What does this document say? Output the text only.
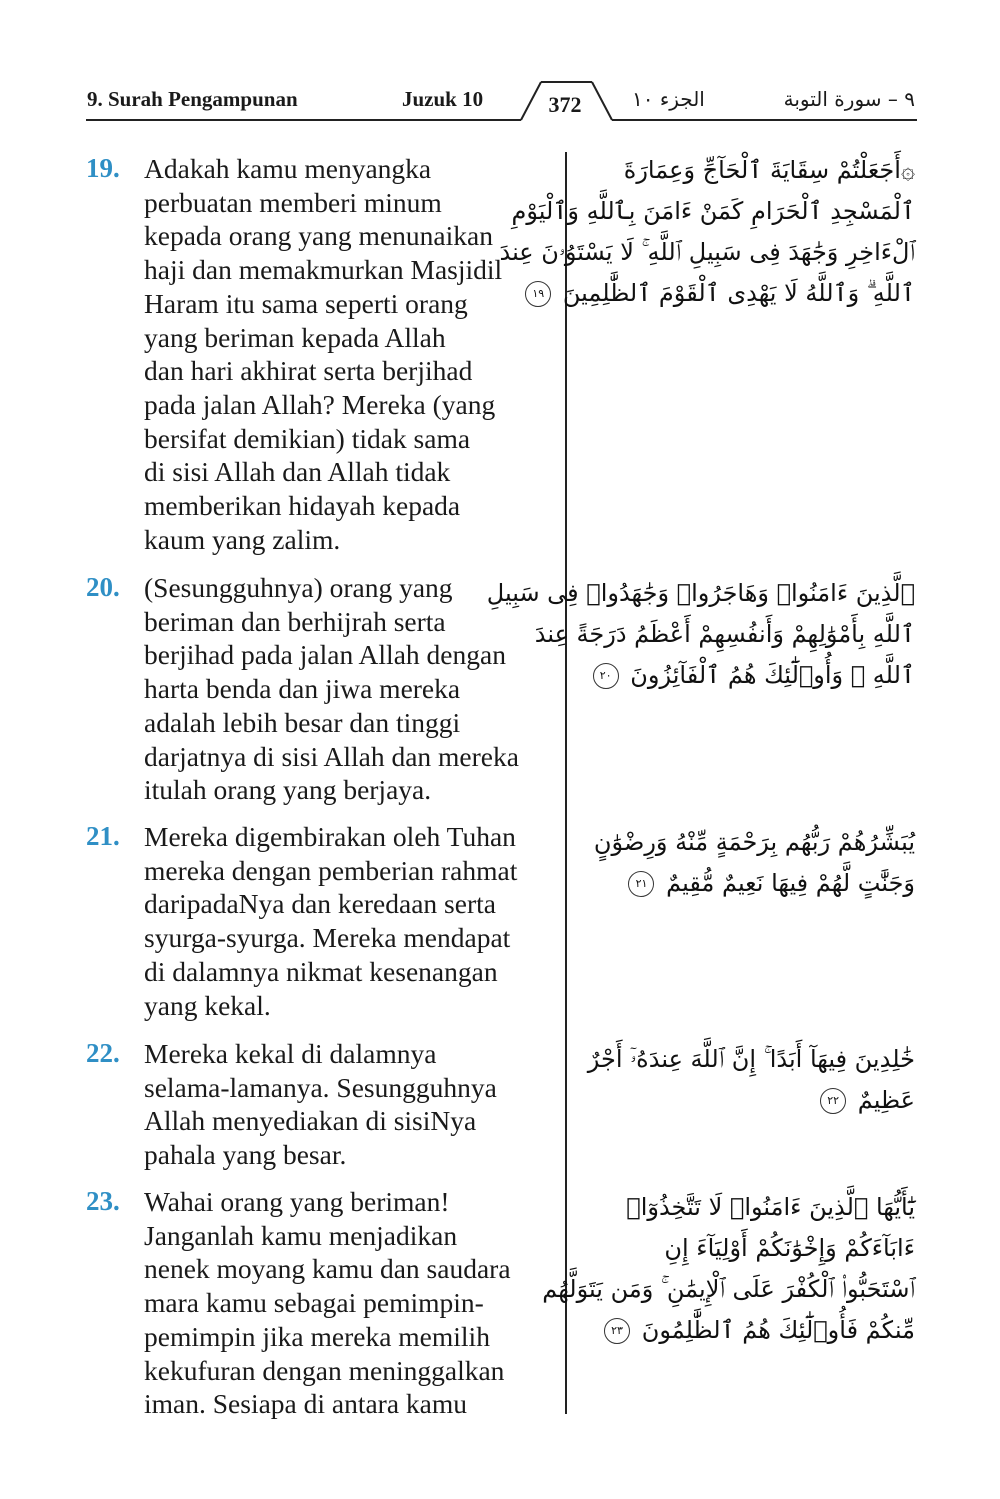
9. Surah Pengampunan	Juzuk 10	الجزء ١٠	٩ – سورة التوبة
372
19. Adakah kamu menyangka
perbuatan memberi minum
kepada orang yang menunaikan
haji dan memakmurkan Masjidil
Haram itu sama seperti orang
yang beriman kepada Allah
dan hari akhirat serta berjihad
pada jalan Allah? Mereka (yang
bersifat demikian) tidak sama
di sisi Allah dan Allah tidak
memberikan hidayah kepada
kaum yang zalim.
۞أَجَعَلْتُمْ سِقَايَةَ ٱلْحَآجِّ وَعِمَارَةَ
ٱلْمَسْجِدِ ٱلْحَرَامِ كَمَنْ ءَامَنَ بِٱللَّهِ وَٱلْيَوْمِ
ٱلْءَاخِرِ وَجَٰهَدَ فِى سَبِيلِ ٱللَّهِ ۚ لَا يَسْتَوُۥنَ عِندَ
ٱللَّهِ ۗ وَٱللَّهُ لَا يَهْدِى ٱلْقَوْمَ ٱلظَّٰلِمِينَ ١٩
20. (Sesungguhnya) orang yang
beriman dan berhijrah serta
berjihad pada jalan Allah dengan
harta benda dan jiwa mereka
adalah lebih besar dan tinggi
darjatnya di sisi Allah dan mereka
itulah orang yang berjaya.
ٱلَّذِينَ ءَامَنُوا۟ وَهَاجَرُوا۟ وَجَٰهَدُوا۟ فِى سَبِيلِ
ٱللَّهِ بِأَمْوَٰلِهِمْ وَأَنفُسِهِمْ أَعْظَمُ دَرَجَةً عِندَ
ٱللَّهِ ۚ وَأُو۟لَٰٓئِكَ هُمُ ٱلْفَآئِزُونَ ٢٠
21. Mereka digembirakan oleh Tuhan
mereka dengan pemberian rahmat
daripadaNya dan keredaan serta
syurga-syurga. Mereka mendapat
di dalamnya nikmat kesenangan
yang kekal.
يُبَشِّرُهُمْ رَبُّهُم بِرَحْمَةٍ مِّنْهُ وَرِضْوَٰنٍ
وَجَنَّٰتٍ لَّهُمْ فِيهَا نَعِيمٌ مُّقِيمٌ ٢١
22. Mereka kekal di dalamnya
selama-lamanya. Sesungguhnya
Allah menyediakan di sisiNya
pahala yang besar.
خَٰلِدِينَ فِيهَآ أَبَدًا ۚ إِنَّ ٱللَّهَ عِندَهُۥٓ أَجْرٌ
عَظِيمٌ ٢٢
23. Wahai orang yang beriman!
Janganlah kamu menjadikan
nenek moyang kamu dan saudara
mara kamu sebagai pemimpin-
pemimpin jika mereka memilih
kekufuran dengan meninggalkan
iman. Sesiapa di antara kamu
يَٰٓأَيُّهَا ٱلَّذِينَ ءَامَنُوا۟ لَا تَتَّخِذُوٓا۟
ءَابَآءَكُمْ وَإِخْوَٰنَكُمْ أَوْلِيَآءَ إِنِ
ٱسْتَحَبُّوا۟ ٱلْكُفْرَ عَلَى ٱلْإِيمَٰنِ ۚ وَمَن يَتَوَلَّهُم
مِّنكُمْ فَأُو۟لَٰٓئِكَ هُمُ ٱلظَّٰلِمُونَ ٢٣
